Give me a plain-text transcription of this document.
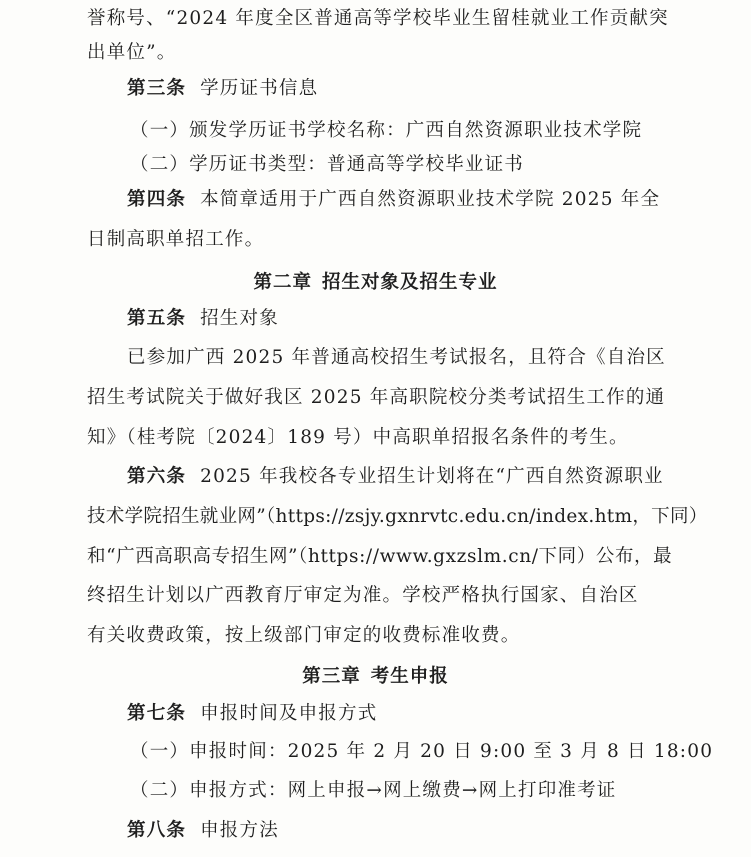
誉称号、“2024 年度全区普通高等学校毕业生留桂就业工作贡献突
出单位”。
第三条 学历证书信息
（一）颁发学历证书学校名称：广西自然资源职业技术学院
（二）学历证书类型：普通高等学校毕业证书
第四条 本简章适用于广西自然资源职业技术学院 2025 年全
日制高职单招工作。
第二章 招生对象及招生专业
第五条 招生对象
已参加广西 2025 年普通高校招生考试报名，且符合《自治区
招生考试院关于做好我区 2025 年高职院校分类考试招生工作的通
知》（桂考院〔2024〕189 号）中高职单招报名条件的考生。
第六条 2025 年我校各专业招生计划将在“广西自然资源职业
技术学院招生就业网”（https://zsjy.gxnrvtc.edu.cn/index.htm，下同）
和“广西高职高专招生网”（https://www.gxzslm.cn/下同）公布，最
终招生计划以广西教育厅审定为准。学校严格执行国家、自治区
有关收费政策，按上级部门审定的收费标准收费。
第三章 考生申报
第七条 申报时间及申报方式
（一）申报时间：2025 年 2 月 20 日 9:00 至 3 月 8 日 18:00
（二）申报方式：网上申报→网上缴费→网上打印准考证
第八条 申报方法
